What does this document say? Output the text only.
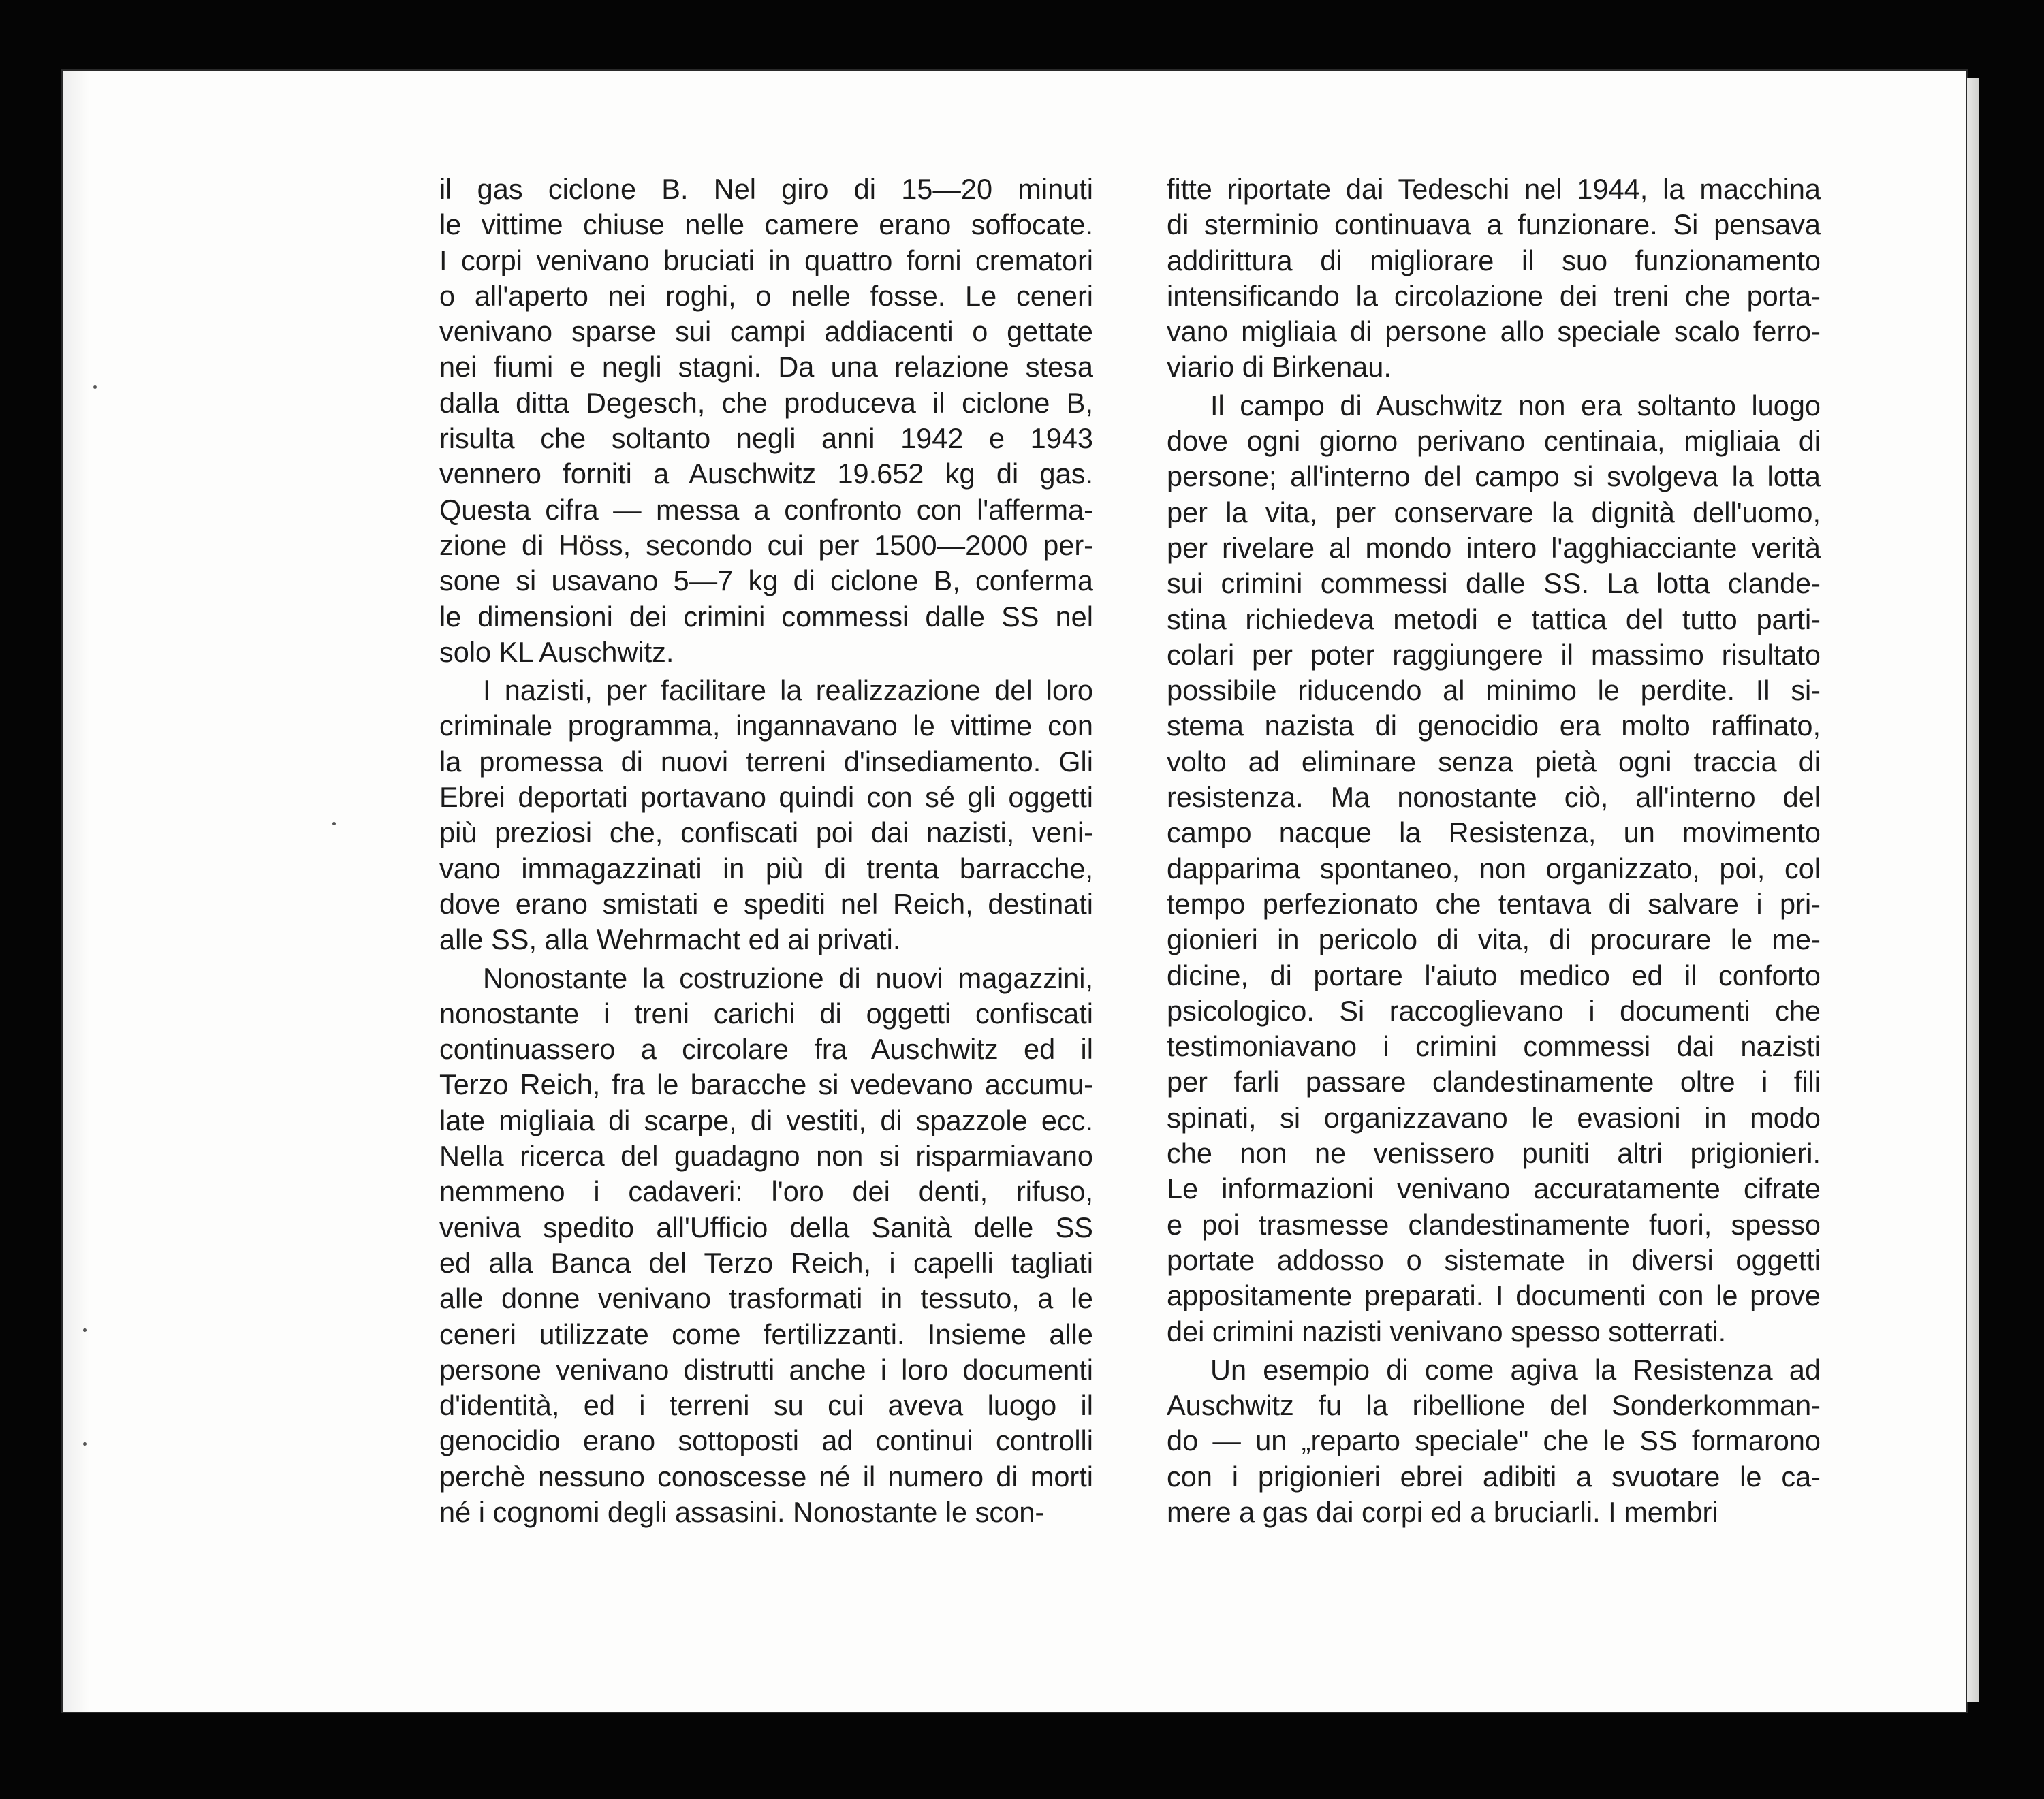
il gas ciclone B. Nel giro di 15—20 minuti
le vittime chiuse nelle camere erano soffocate.
I corpi venivano bruciati in quattro forni crematori
o all'aperto nei roghi, o nelle fosse. Le ceneri
venivano sparse sui campi addiacenti o gettate
nei fiumi e negli stagni. Da una relazione stesa
dalla ditta Degesch, che produceva il ciclone B,
risulta che soltanto negli anni 1942 e 1943
vennero forniti a Auschwitz 19.652 kg di gas.
Questa cifra — messa a confronto con l'afferma-
zione di Höss, secondo cui per 1500—2000 per-
sone si usavano 5—7 kg di ciclone B, conferma
le dimensioni dei crimini commessi dalle SS nel
solo KL Auschwitz.
I nazisti, per facilitare la realizzazione del loro
criminale programma, ingannavano le vittime con
la promessa di nuovi terreni d'insediamento. Gli
Ebrei deportati portavano quindi con sé gli oggetti
più preziosi che, confiscati poi dai nazisti, veni-
vano immagazzinati in più di trenta barracche,
dove erano smistati e spediti nel Reich, destinati
alle SS, alla Wehrmacht ed ai privati.
Nonostante la costruzione di nuovi magazzini,
nonostante i treni carichi di oggetti confiscati
continuassero a circolare fra Auschwitz ed il
Terzo Reich, fra le baracche si vedevano accumu-
late migliaia di scarpe, di vestiti, di spazzole ecc.
Nella ricerca del guadagno non si risparmiavano
nemmeno i cadaveri: l'oro dei denti, rifuso,
veniva spedito all'Ufficio della Sanità delle SS
ed alla Banca del Terzo Reich, i capelli tagliati
alle donne venivano trasformati in tessuto, a le
ceneri utilizzate come fertilizzanti. Insieme alle
persone venivano distrutti anche i loro documenti
d'identità, ed i terreni su cui aveva luogo il
genocidio erano sottoposti ad continui controlli
perchè nessuno conoscesse né il numero di morti
né i cognomi degli assasini. Nonostante le scon-
fitte riportate dai Tedeschi nel 1944, la macchina
di sterminio continuava a funzionare. Si pensava
addirittura di migliorare il suo funzionamento
intensificando la circolazione dei treni che porta-
vano migliaia di persone allo speciale scalo ferro-
viario di Birkenau.
Il campo di Auschwitz non era soltanto luogo
dove ogni giorno perivano centinaia, migliaia di
persone; all'interno del campo si svolgeva la lotta
per la vita, per conservare la dignità dell'uomo,
per rivelare al mondo intero l'agghiacciante verità
sui crimini commessi dalle SS. La lotta clande-
stina richiedeva metodi e tattica del tutto parti-
colari per poter raggiungere il massimo risultato
possibile riducendo al minimo le perdite. Il si-
stema nazista di genocidio era molto raffinato,
volto ad eliminare senza pietà ogni traccia di
resistenza. Ma nonostante ciò, all'interno del
campo nacque la Resistenza, un movimento
dapparima spontaneo, non organizzato, poi, col
tempo perfezionato che tentava di salvare i pri-
gionieri in pericolo di vita, di procurare le me-
dicine, di portare l'aiuto medico ed il conforto
psicologico. Si raccoglievano i documenti che
testimoniavano i crimini commessi dai nazisti
per farli passare clandestinamente oltre i fili
spinati, si organizzavano le evasioni in modo
che non ne venissero puniti altri prigionieri.
Le informazioni venivano accuratamente cifrate
e poi trasmesse clandestinamente fuori, spesso
portate addosso o sistemate in diversi oggetti
appositamente preparati. I documenti con le prove
dei crimini nazisti venivano spesso sotterrati.
Un esempio di come agiva la Resistenza ad
Auschwitz fu la ribellione del Sonderkomman-
do — un „reparto speciale" che le SS formarono
con i prigionieri ebrei adibiti a svuotare le ca-
mere a gas dai corpi ed a bruciarli. I membri
